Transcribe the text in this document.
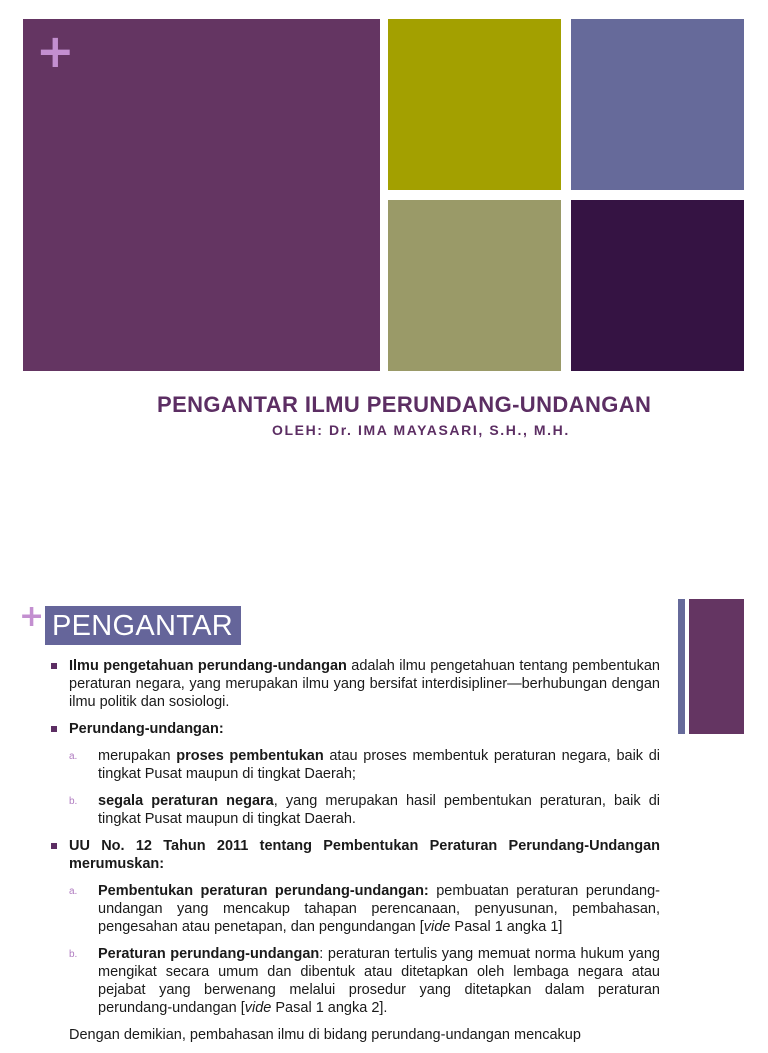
+
PENGANTAR ILMU PERUNDANG-UNDANGAN
OLEH: Dr. IMA MAYASARI, S.H., M.H.
+ PENGANTAR

Ilmu pengetahuan perundang-undangan adalah ilmu pengetahuan tentang pembentukan peraturan negara, yang merupakan ilmu yang bersifat interdisipliner—berhubungan dengan ilmu politik dan sosiologi.

Perundang-undangan:

a. merupakan proses pembentukan atau proses membentuk peraturan negara, baik di tingkat Pusat maupun di tingkat Daerah;

b. segala peraturan negara, yang merupakan hasil pembentukan peraturan, baik di tingkat Pusat maupun di tingkat Daerah.

UU No. 12 Tahun 2011 tentang Pembentukan Peraturan Perundang-Undangan merumuskan:

a. Pembentukan peraturan perundang-undangan: pembuatan peraturan perundang-undangan yang mencakup tahapan perencanaan, penyusunan, pembahasan, pengesahan atau penetapan, dan pengundangan [vide Pasal 1 angka 1]

b. Peraturan perundang-undangan: peraturan tertulis yang memuat norma hukum yang mengikat secara umum dan dibentuk atau ditetapkan oleh lembaga negara atau pejabat yang berwenang melalui prosedur yang ditetapkan dalam peraturan perundang-undangan [vide Pasal 1 angka 2].

Dengan demikian, pembahasan ilmu di bidang perundang-undangan mencakup
